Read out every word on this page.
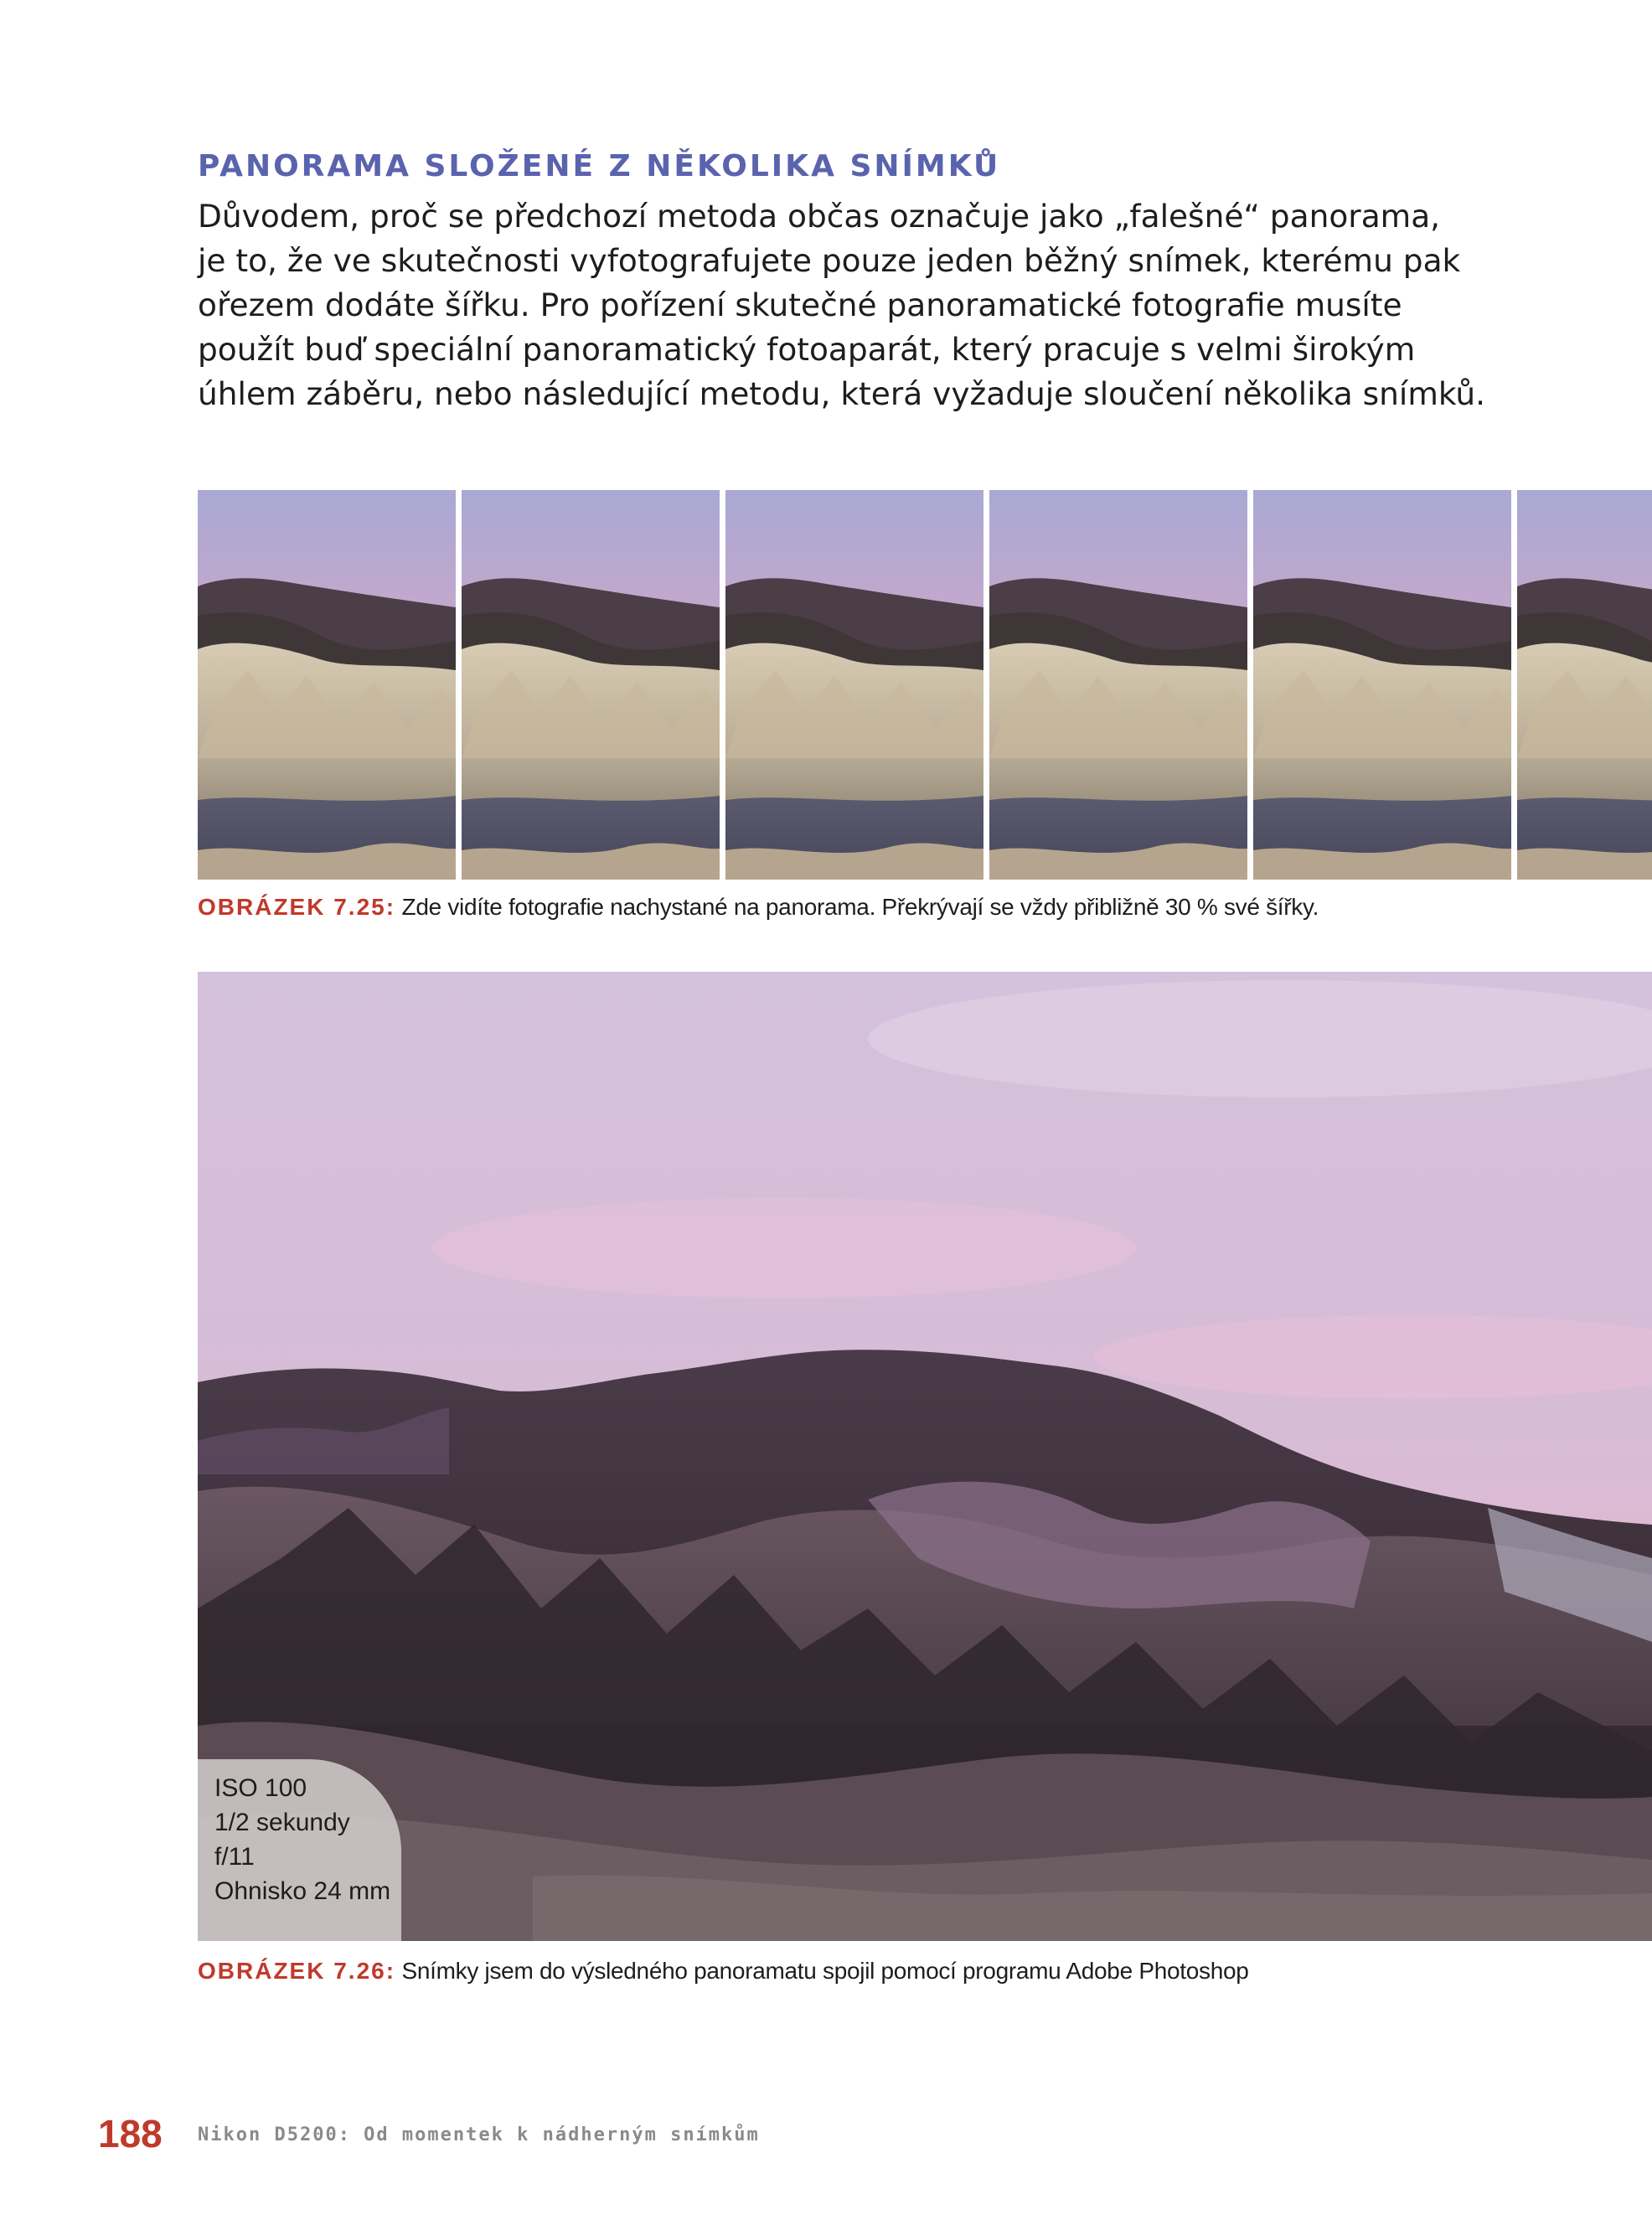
PANORAMA SLOŽENÉ Z NĚKOLIKA SNÍMKŮ
Důvodem, proč se předchozí metoda občas označuje jako „falešné“ panorama,
je to, že ve skutečnosti vyfotografujete pouze jeden běžný snímek, kterému pak
ořezem dodáte šířku. Pro pořízení skutečné panoramatické fotografie musíte
použít buď speciální panoramatický fotoaparát, který pracuje s velmi širokým
úhlem záběru, nebo následující metodu, která vyžaduje sloučení několika snímků.
OBRÁZEK 7.25: Zde vidíte fotografie nachystané na panorama. Překrývají se vždy přibližně 30 % své šířky.
ISO 100
1/2 sekundy
f/11
Ohnisko 24 mm
OBRÁZEK 7.26: Snímky jsem do výsledného panoramatu spojil pomocí programu Adobe Photoshop
188 Nikon D5200: Od momentek k nádherným snímkům
